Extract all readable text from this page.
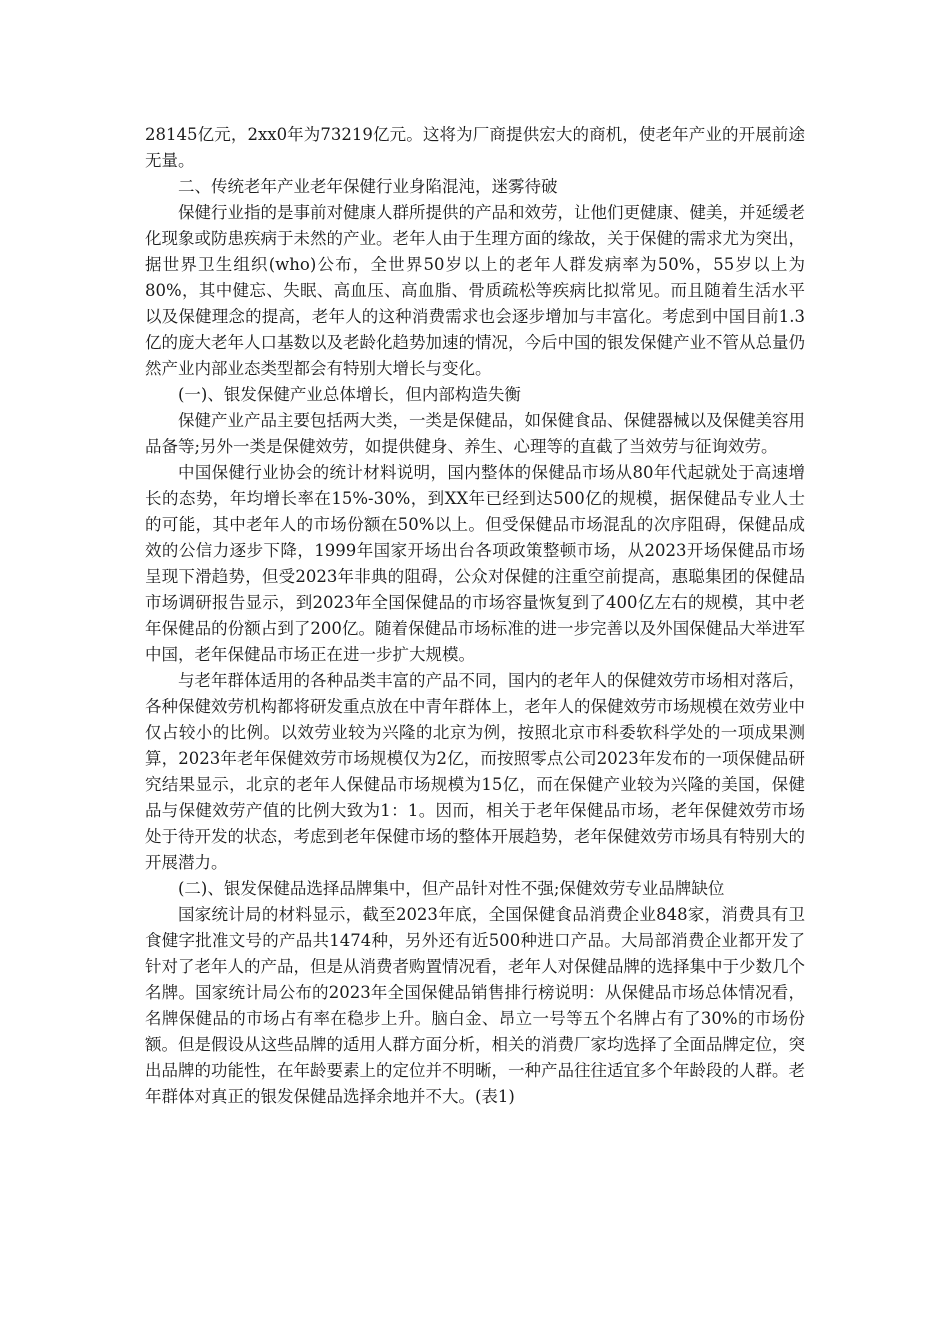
28145亿元，2xx0年为73219亿元。这将为厂商提供宏大的商机，使老年产业的开展前途无量。

二、传统老年产业老年保健行业身陷混沌，迷雾待破

保健行业指的是事前对健康人群所提供的产品和效劳，让他们更健康、健美，并延缓老化现象或防患疾病于未然的产业。老年人由于生理方面的缘故，关于保健的需求尤为突出，据世界卫生组织(who)公布，全世界50岁以上的老年人群发病率为50%，55岁以上为80%，其中健忘、失眠、高血压、高血脂、骨质疏松等疾病比拟常见。而且随着生活水平以及保健理念的提高，老年人的这种消费需求也会逐步增加与丰富化。考虑到中国目前1.3亿的庞大老年人口基数以及老龄化趋势加速的情况，今后中国的银发保健产业不管从总量仍然产业内部业态类型都会有特别大增长与变化。

(一)、银发保健产业总体增长，但内部构造失衡

保健产业产品主要包括两大类，一类是保健品，如保健食品、保健器械以及保健美容用品备等;另外一类是保健效劳，如提供健身、养生、心理等的直截了当效劳与征询效劳。

中国保健行业协会的统计材料说明，国内整体的保健品市场从80年代起就处于高速增长的态势，年均增长率在15%-30%，到XX年已经到达500亿的规模，据保健品专业人士的可能，其中老年人的市场份额在50%以上。但受保健品市场混乱的次序阻碍，保健品成效的公信力逐步下降，1999年国家开场出台各项政策整顿市场，从2023开场保健品市场呈现下滑趋势，但受2023年非典的阻碍，公众对保健的注重空前提高，惠聪集团的保健品市场调研报告显示，到2023年全国保健品的市场容量恢复到了400亿左右的规模，其中老年保健品的份额占到了200亿。随着保健品市场标准的进一步完善以及外国保健品大举进军中国，老年保健品市场正在进一步扩大规模。

与老年群体适用的各种品类丰富的产品不同，国内的老年人的保健效劳市场相对落后，各种保健效劳机构都将研发重点放在中青年群体上，老年人的保健效劳市场规模在效劳业中仅占较小的比例。以效劳业较为兴隆的北京为例，按照北京市科委软科学处的一项成果测算，2023年老年保健效劳市场规模仅为2亿，而按照零点公司2023年发布的一项保健品研究结果显示，北京的老年人保健品市场规模为15亿，而在保健产业较为兴隆的美国，保健品与保健效劳产值的比例大致为1：1。因而，相关于老年保健品市场，老年保健效劳市场处于待开发的状态，考虑到老年保健市场的整体开展趋势，老年保健效劳市场具有特别大的开展潜力。

(二)、银发保健品选择品牌集中，但产品针对性不强;保健效劳专业品牌缺位

国家统计局的材料显示，截至2023年底，全国保健食品消费企业848家，消费具有卫食健字批准文号的产品共1474种，另外还有近500种进口产品。大局部消费企业都开发了针对了老年人的产品，但是从消费者购置情况看，老年人对保健品牌的选择集中于少数几个名牌。国家统计局公布的2023年全国保健品销售排行榜说明：从保健品市场总体情况看，名牌保健品的市场占有率在稳步上升。脑白金、昂立一号等五个名牌占有了30%的市场份额。但是假设从这些品牌的适用人群方面分析，相关的消费厂家均选择了全面品牌定位，突出品牌的功能性，在年龄要素上的定位并不明晰，一种产品往往适宜多个年龄段的人群。老年群体对真正的银发保健品选择余地并不大。(表1)
